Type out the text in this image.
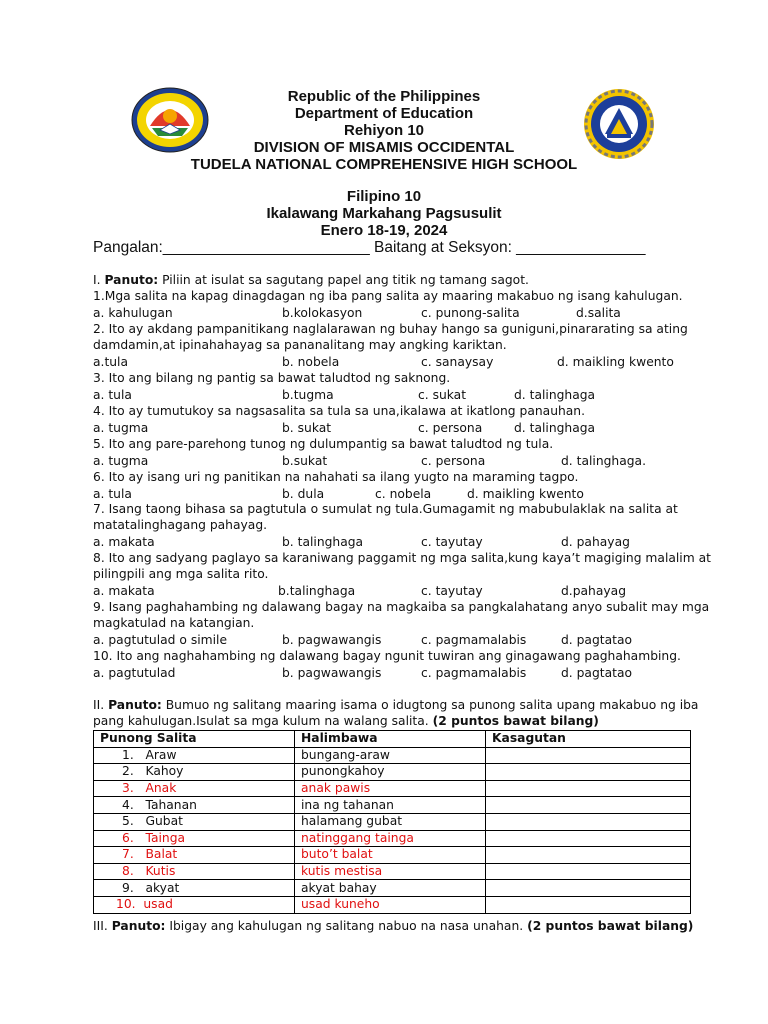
Republic of the Philippines
Department of Education
Rehiyon 10
DIVISION OF MISAMIS OCCIDENTAL
TUDELA NATIONAL COMPREHENSIVE HIGH SCHOOL
Filipino 10
Ikalawang Markahang Pagsusulit
Enero 18-19, 2024
Pangalan:________________________ Baitang at Seksyon: _______________
I. Panuto: Piliin at isulat sa sagutang papel ang titik ng tamang sagot.
1.Mga salita na kapag dinagdagan ng iba pang salita ay maaring makabuo ng isang kahulugan.
a. kahulugan	b.kolokasyon	c. punong-salita	d.salita
2. Ito ay akdang pampanitikang naglalarawan ng buhay hango sa guniguni,pinararating sa ating
damdamin,at ipinahahayag sa pananalitang may angking kariktan.
a.tula	b. nobela	c. sanaysay	d. maikling kwento
3. Ito ang bilang ng pantig sa bawat taludtod ng saknong.
a. tula	b.tugma	c. sukat	d. talinghaga
4. Ito ay tumutukoy sa nagsasalita sa tula sa una,ikalawa at ikatlong panauhan.
a. tugma	b. sukat	c. persona	d. talinghaga
5. Ito ang pare-parehong tunog ng dulumpantig sa bawat taludtod ng tula.
a. tugma	b.sukat	c. persona	d. talinghaga.
6. Ito ay isang uri ng panitikan na nahahati sa ilang yugto na maraming tagpo.
a. tula	b. dula	c. nobela	d. maikling kwento
7. Isang taong bihasa sa pagtutula o sumulat ng tula.Gumagamit ng mabubulaklak na salita at
matatalinghagang pahayag.
a. makata	b. talinghaga	c. tayutay	d. pahayag
8. Ito ang sadyang paglayo sa karaniwang paggamit ng mga salita,kung kaya’t magiging malalim at
pilingpili ang mga salita rito.
a. makata	b.talinghaga	c. tayutay	d.pahayag
9. Isang paghahambing ng dalawang bagay na magkaiba sa pangkalahatang anyo subalit may mga
magkatulad na katangian.
a. pagtutulad o simile	b. pagwawangis	c. pagmamalabis	d. pagtatao
10. Ito ang naghahambing ng dalawang bagay ngunit tuwiran ang ginagawang paghahambing.
a. pagtutulad	b. pagwawangis	c. pagmamalabis	d. pagtatao
II. Panuto: Bumuo ng salitang maaring isama o idugtong sa punong salita upang makabuo ng iba
pang kahulugan.Isulat sa mga kulum na walang salita. (2 puntos bawat bilang)
Punong Salita	Halimbawa	Kasagutan
1. Araw	bungang-araw	
2. Kahoy	punongkahoy	
3. Anak	anak pawis	
4. Tahanan	ina ng tahanan	
5. Gubat	halamang gubat	
6. Tainga	natinggang tainga	
7. Balat	buto’t balat	
8. Kutis	kutis mestisa	
9. akyat	akyat bahay	
10. usad	usad kuneho	
III. Panuto: Ibigay ang kahulugan ng salitang nabuo na nasa unahan. (2 puntos bawat bilang)
